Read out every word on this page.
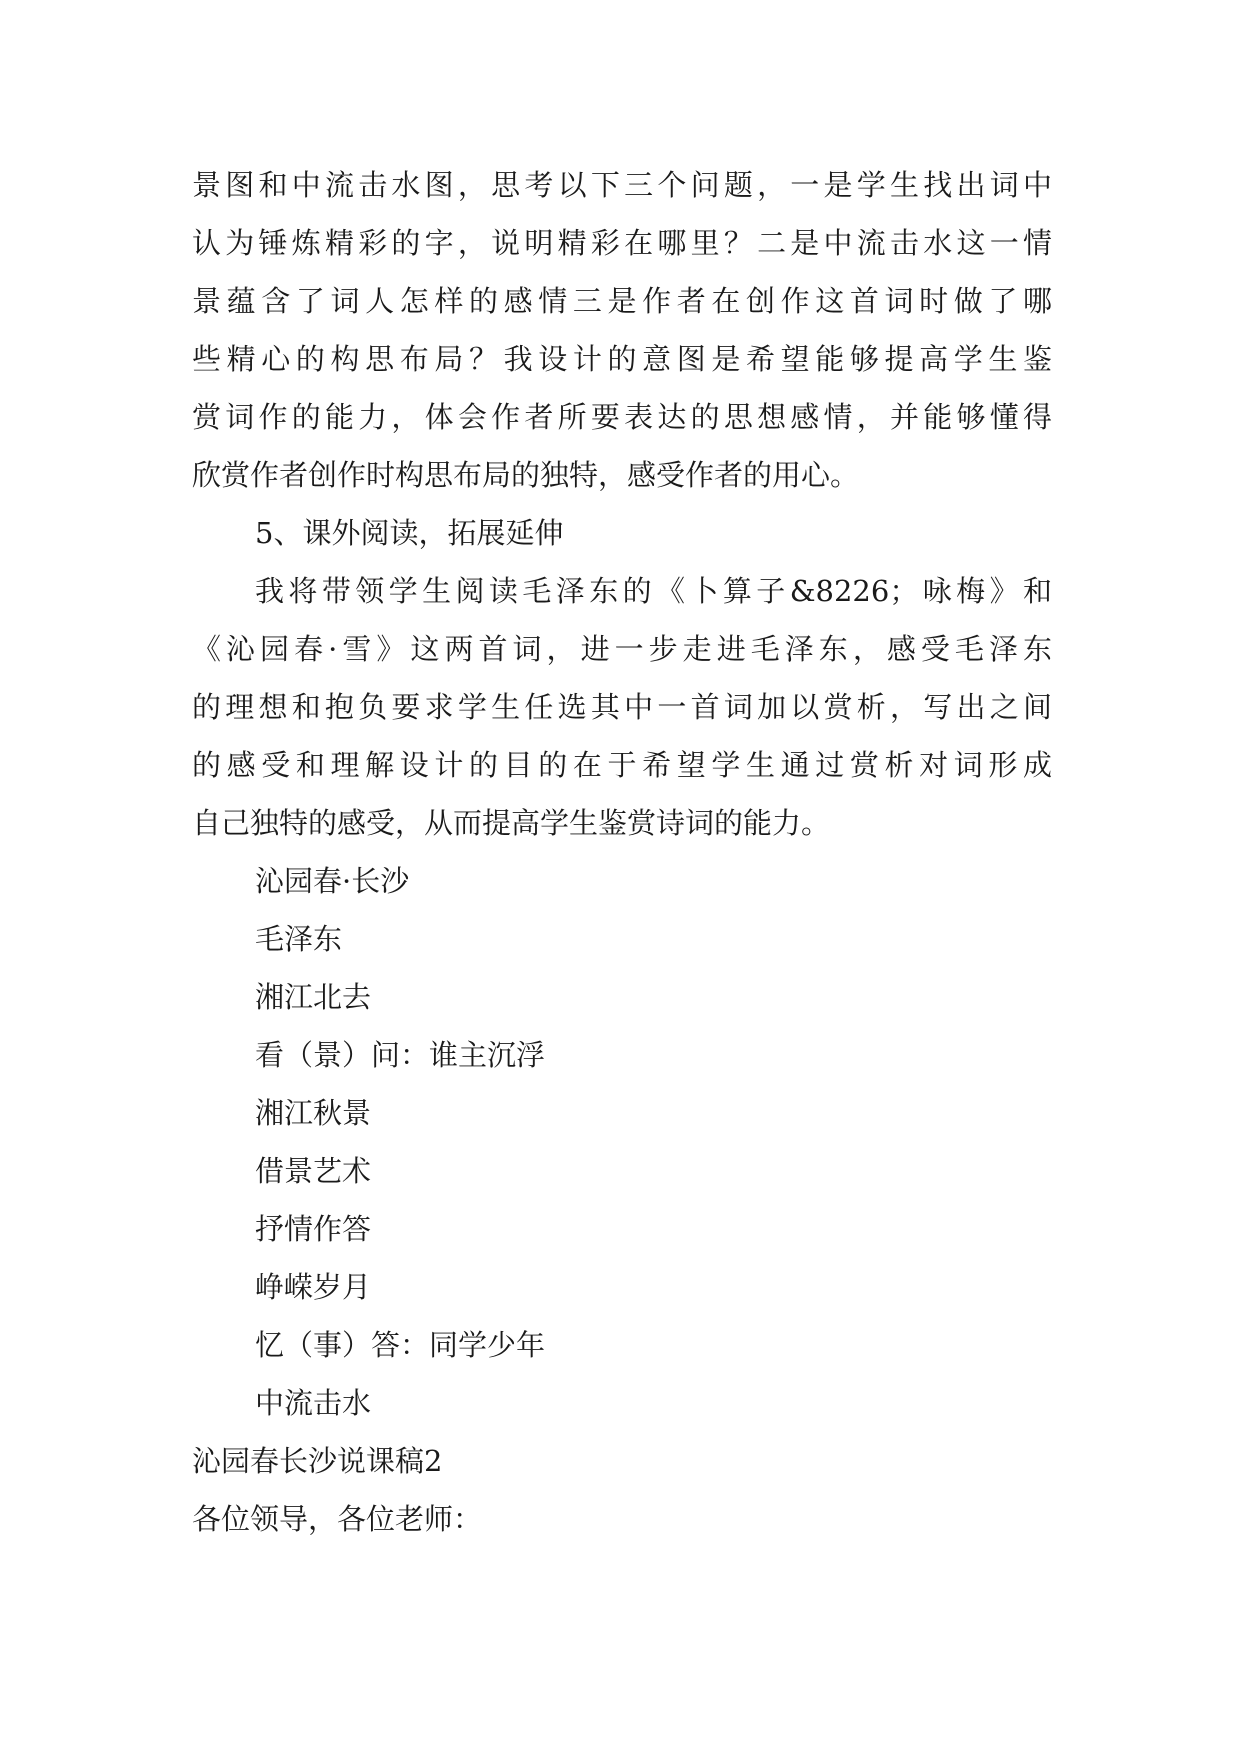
景图和中流击水图，思考以下三个问题，一是学生找出词中
认为锤炼精彩的字，说明精彩在哪里？二是中流击水这一情
景蕴含了词人怎样的感情三是作者在创作这首词时做了哪
些精心的构思布局？我设计的意图是希望能够提高学生鉴
赏词作的能力，体会作者所要表达的思想感情，并能够懂得
欣赏作者创作时构思布局的独特，感受作者的用心。
5、课外阅读，拓展延伸
我将带领学生阅读毛泽东的《卜算子&8226；咏梅》和
《沁园春·雪》这两首词，进一步走进毛泽东，感受毛泽东
的理想和抱负要求学生任选其中一首词加以赏析，写出之间
的感受和理解设计的目的在于希望学生通过赏析对词形成
自己独特的感受，从而提高学生鉴赏诗词的能力。
沁园春·长沙
毛泽东
湘江北去
看（景）问：谁主沉浮
湘江秋景
借景艺术
抒情作答
峥嵘岁月
忆（事）答：同学少年
中流击水
沁园春长沙说课稿2
各位领导，各位老师：
